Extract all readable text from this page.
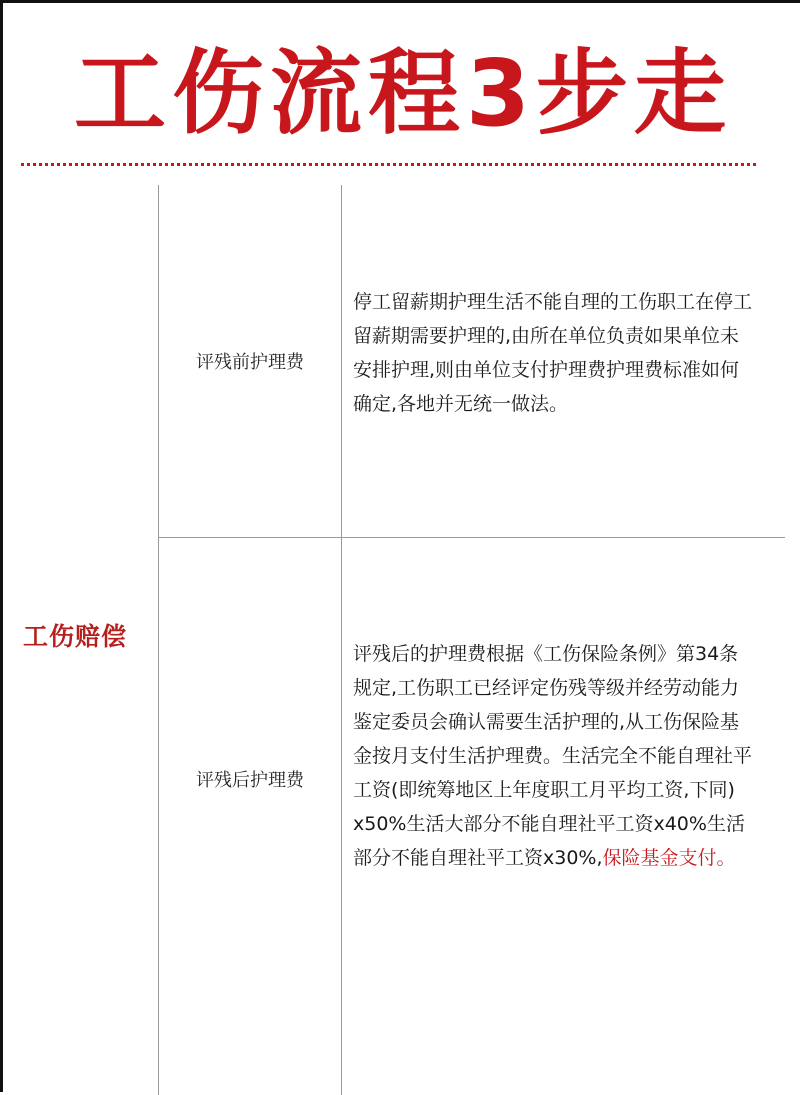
工伤流程3步走
工伤赔偿
评残前护理费
停工留薪期护理生活不能自理的工伤职工在停工
留薪期需要护理的,由所在单位负责如果单位未
安排护理,则由单位支付护理费护理费标准如何
确定,各地并无统一做法。
评残后护理费
评残后的护理费根据《工伤保险条例》第34条
规定,工伤职工已经评定伤残等级并经劳动能力
鉴定委员会确认需要生活护理的,从工伤保险基
金按月支付生活护理费。生活完全不能自理社平
工资(即统筹地区上年度职工月平均工资,下同)
x50%生活大部分不能自理社平工资x40%生活
部分不能自理社平工资x30%,保险基金支付。
